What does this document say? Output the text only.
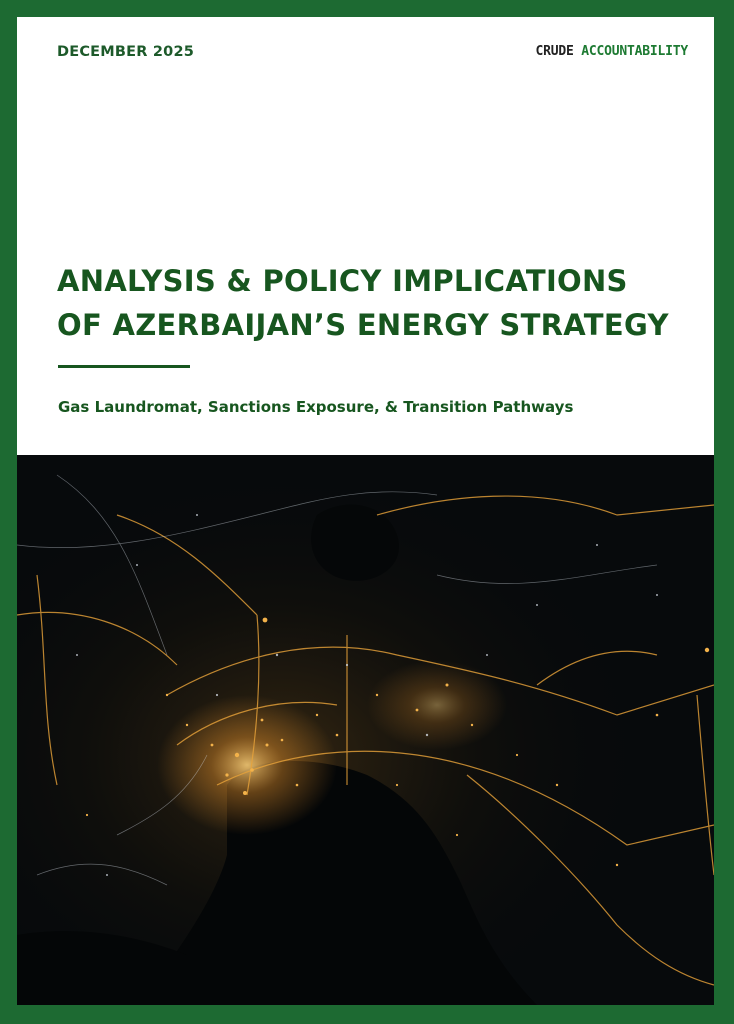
DECEMBER 2025	CRUDE ACCOUNTABILITY
ANALYSIS & POLICY IMPLICATIONS
OF AZERBAIJAN’S ENERGY STRATEGY
Gas Laundromat, Sanctions Exposure, & Transition Pathways
